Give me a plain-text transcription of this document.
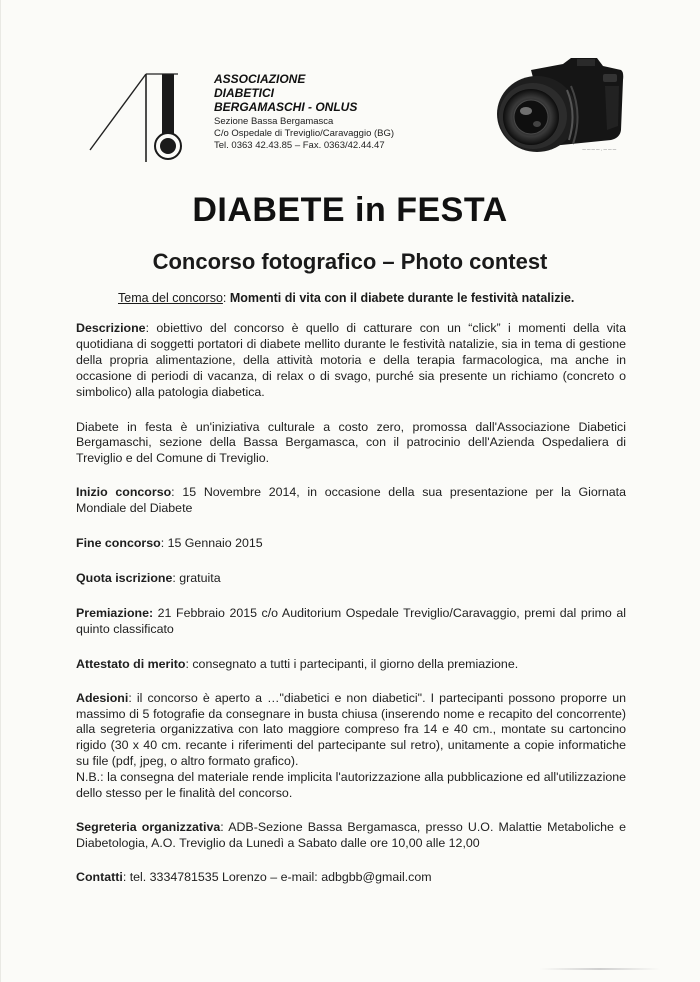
ASSOCIAZIONE
DIABETICI
BERGAMASCHI - ONLUS
Sezione Bassa Bergamasca
C/o Ospedale di Treviglio/Caravaggio (BG)
Tel. 0363 42.43.85 – Fax. 0363/42.44.47	~~~~·~~~
DIABETE in FESTA
Concorso fotografico – Photo contest
Tema del concorso: Momenti di vita con il diabete durante le festività natalizie.

Descrizione: obiettivo del concorso è quello di catturare con un “click” i momenti della vita quotidiana di soggetti portatori di diabete mellito durante le festività natalizie, sia in tema di gestione della propria alimentazione, della attività motoria e della terapia farmacologica, ma anche in occasione di periodi di vacanza, di relax o di svago, purché sia presente un richiamo (concreto o simbolico) alla patologia diabetica.

Diabete in festa è un'iniziativa culturale a costo zero, promossa dall'Associazione Diabetici Bergamaschi, sezione della Bassa Bergamasca, con il patrocinio dell'Azienda Ospedaliera di Treviglio e del Comune di Treviglio.

Inizio concorso: 15 Novembre 2014, in occasione della sua presentazione per la Giornata Mondiale del Diabete

Fine concorso: 15 Gennaio 2015

Quota iscrizione: gratuita

Premiazione: 21 Febbraio 2015 c/o Auditorium Ospedale Treviglio/Caravaggio, premi dal primo al quinto classificato

Attestato di merito: consegnato a tutti i partecipanti, il giorno della premiazione.

Adesioni: il concorso è aperto a …"diabetici e non diabetici". I partecipanti possono proporre un massimo di 5 fotografie da consegnare in busta chiusa (inserendo nome e recapito del concorrente) alla segreteria organizzativa con lato maggiore compreso fra 14 e 40 cm., montate su cartoncino rigido (30 x 40 cm. recante i riferimenti del partecipante sul retro), unitamente a copie informatiche su file (pdf, jpeg, o altro formato grafico).

N.B.: la consegna del materiale rende implicita l'autorizzazione alla pubblicazione ed all'utilizzazione dello stesso per le finalità del concorso.

Segreteria organizzativa: ADB-Sezione Bassa Bergamasca, presso U.O. Malattie Metaboliche e Diabetologia, A.O. Treviglio da Lunedì a Sabato dalle ore 10,00 alle 12,00

Contatti: tel. 3334781535 Lorenzo – e-mail: adbgbb@gmail.com
